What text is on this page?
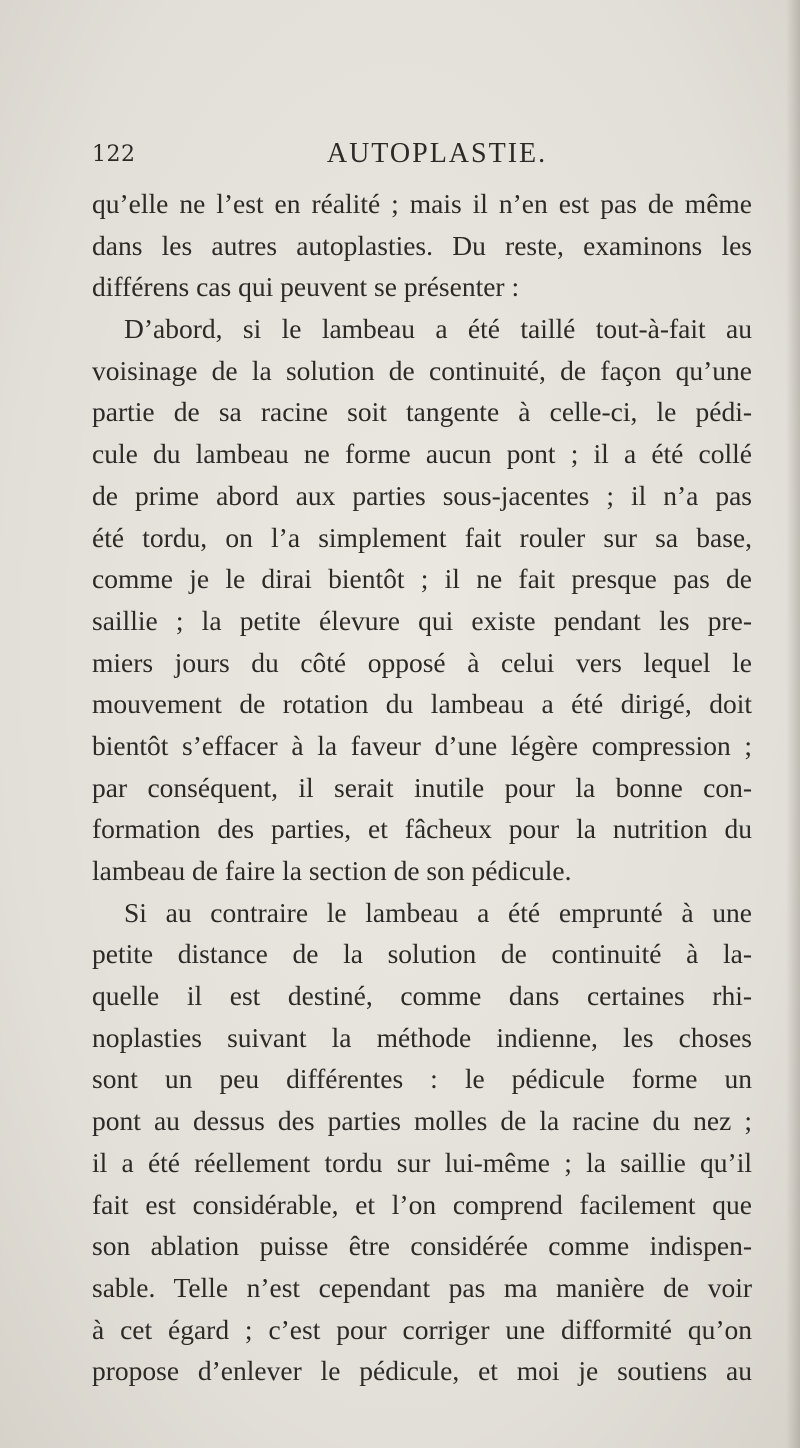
122	AUTOPLASTIE.
qu’elle ne l’est en réalité ; mais il n’en est pas de même
dans les autres autoplasties. Du reste, examinons les
différens cas qui peuvent se présenter :
D’abord, si le lambeau a été taillé tout-à-fait au
voisinage de la solution de continuité, de façon qu’une
partie de sa racine soit tangente à celle-ci, le pédi-
cule du lambeau ne forme aucun pont ; il a été collé
de prime abord aux parties sous-jacentes ; il n’a pas
été tordu, on l’a simplement fait rouler sur sa base,
comme je le dirai bientôt ; il ne fait presque pas de
saillie ; la petite élevure qui existe pendant les pre-
miers jours du côté opposé à celui vers lequel le
mouvement de rotation du lambeau a été dirigé, doit
bientôt s’effacer à la faveur d’une légère compression ;
par conséquent, il serait inutile pour la bonne con-
formation des parties, et fâcheux pour la nutrition du
lambeau de faire la section de son pédicule.
Si au contraire le lambeau a été emprunté à une
petite distance de la solution de continuité à la-
quelle il est destiné, comme dans certaines rhi-
noplasties suivant la méthode indienne, les choses
sont un peu différentes : le pédicule forme un
pont au dessus des parties molles de la racine du nez ;
il a été réellement tordu sur lui-même ; la saillie qu’il
fait est considérable, et l’on comprend facilement que
son ablation puisse être considérée comme indispen-
sable. Telle n’est cependant pas ma manière de voir
à cet égard ; c’est pour corriger une difformité qu’on
propose d’enlever le pédicule, et moi je soutiens au
